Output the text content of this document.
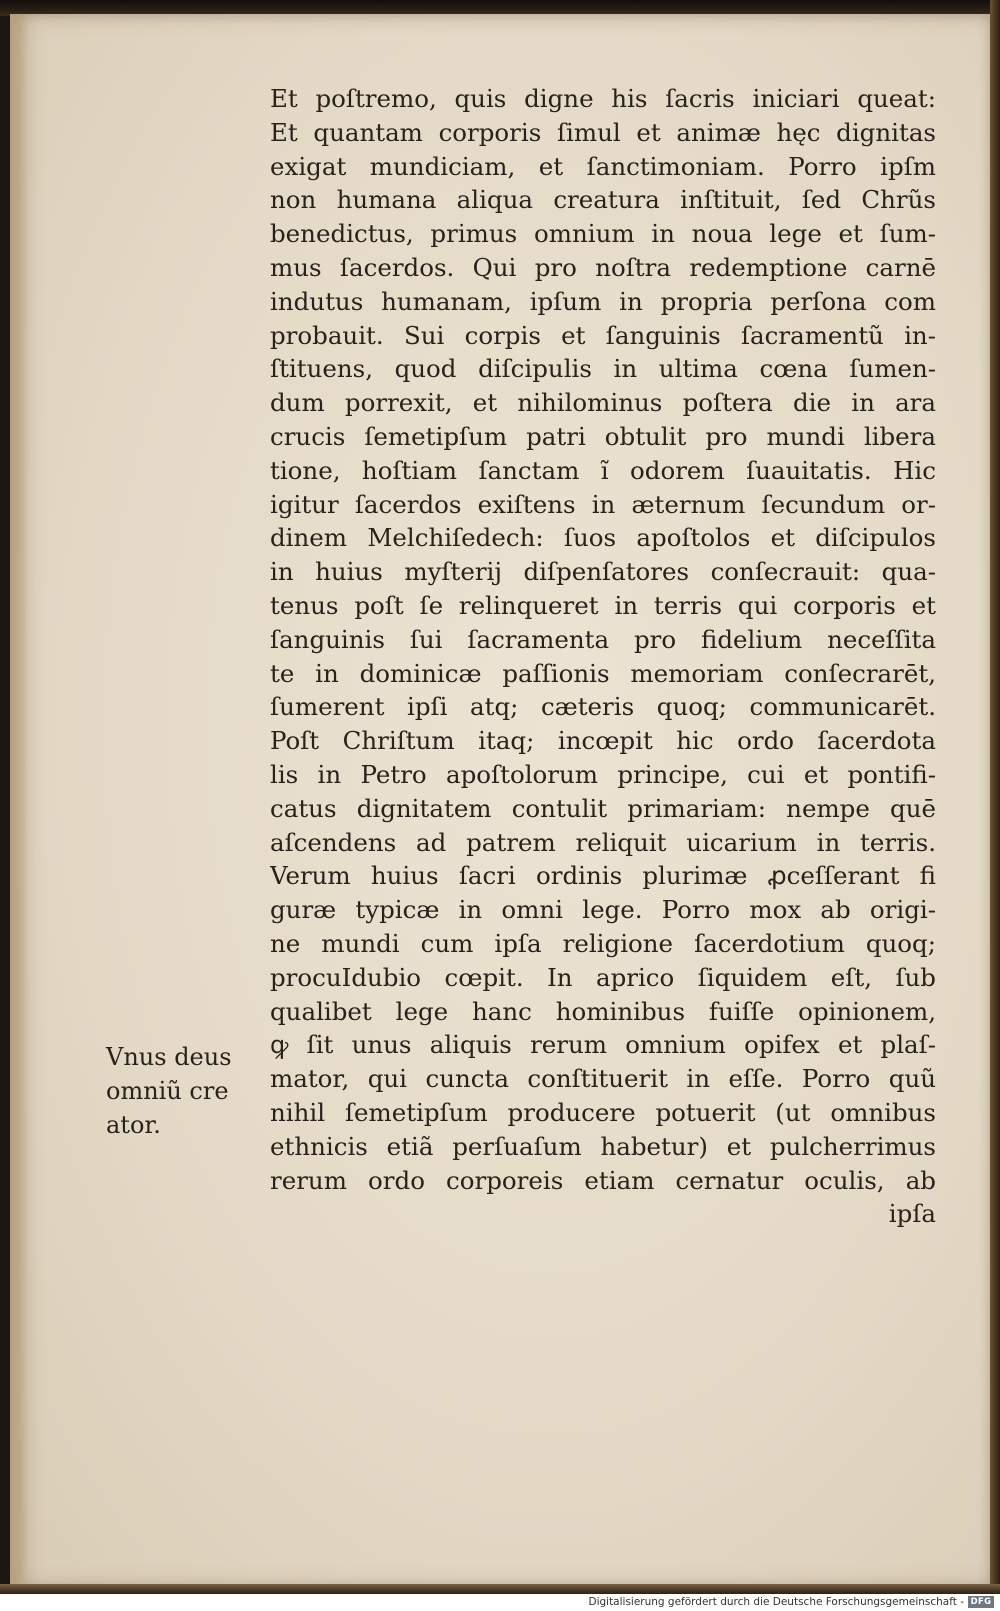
Et poſtremo, quis digne his ſacris iniciari queat:
Et quantam corporis ſimul et animæ hęc dignitas
exigat mundiciam, et ſanctimoniam. Porro ipſm
non humana aliqua creatura inſtituit, ſed Chrũs
benedictus, primus omnium in noua lege et ſum-
mus ſacerdos. Qui pro noſtra redemptione carnē
indutus humanam, ipſum in propria perſona com
probauit. Sui corpis et ſanguinis ſacramentũ in-
ſtituens, quod diſcipulis in ultima cœna ſumen-
dum porrexit, et nihilominus poſtera die in ara
crucis ſemetipſum patri obtulit pro mundi libera
tione, hoſtiam ſanctam ĩ odorem ſuauitatis. Hic
igitur ſacerdos exiſtens in æternum ſecundum or-
dinem Melchiſedech: ſuos apoſtolos et diſcipulos
in huius myſterij diſpenſatores conſecrauit: qua-
tenus poſt ſe relinqueret in terris qui corporis et
ſanguinis ſui ſacramenta pro fidelium neceſſita
te in dominicæ paſſionis memoriam conſecrarēt,
ſumerent ipſi atq; cæteris quoq; communicarēt.
Poſt Chriſtum itaq; incœpit hic ordo ſacerdota
lis in Petro apoſtolorum principe, cui et pontifi-
catus dignitatem contulit primariam: nempe quē
aſcendens ad patrem reliquit uicarium in terris.
Verum huius ſacri ordinis plurimæ ꝓceſſerant fi
guræ typicæ in omni lege. Porro mox ab origi-
ne mundi cum ipſa religione ſacerdotium quoq;
procuIdubio cœpit. In aprico ſiquidem eſt, ſub
qualibet lege hanc hominibus fuiſſe opinionem,
ꝙ ſit unus aliquis rerum omnium opifex et plaſ-
mator, qui cuncta conſtituerit in eſſe. Porro quũ
nihil ſemetipſum producere potuerit (ut omnibus
ethnicis etiã perſuaſum habetur) et pulcherrimus
rerum ordo corporeis etiam cernatur oculis, ab
ipſa
Vnus deus
omniũ cre
ator.
Digitalisierung gefördert durch die Deutsche Forschungsgemeinschaft - DFG
